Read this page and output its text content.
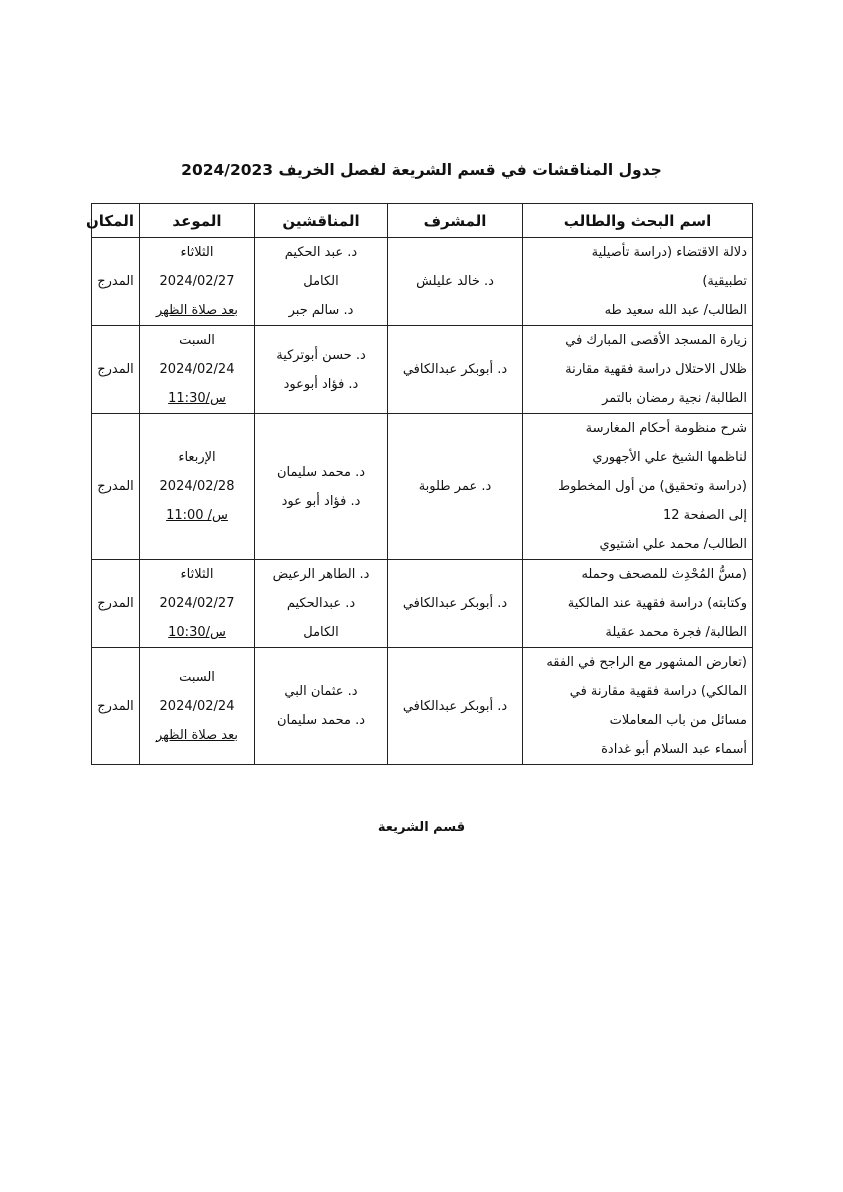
جدول المناقشات في قسم الشريعة لفصل الخريف 2024/2023
اسم البحث والطالب	المشرف	المناقشين	الموعد	المكان

دلالة الاقتضاء (دراسة تأصيلية
تطبيقية)
الطالب/ عبد الله سعيد طه	د. خالد عليلش	د. عبد الحكيم
الكامل
د. سالم جبر	الثلاثاء
2024/02/27
بعد صلاة الظهر	المدرج

زيارة المسجد الأقصى المبارك في
ظلال الاحتلال دراسة فقهية مقارنة
الطالبة/ نجية رمضان بالتمر	د. أبوبكر عبدالكافي	د. حسن أبوتركية
د. فؤاد أبوعود	السبت
2024/02/24
س/11:30	المدرج

شرح منظومة أحكام المغارسة
لناظمها الشيخ علي الأجهوري
(دراسة وتحقيق) من أول المخطوط
إلى الصفحة 12
الطالب/ محمد علي اشتيوي	د. عمر طلوبة	د. محمد سليمان
د. فؤاد أبو عود	الإربعاء
2024/02/28
س/ 11:00	المدرج

(مسُّ المُحْدِث للمصحف وحمله
وكتابته) دراسة فقهية عند المالكية
الطالبة/ فجرة محمد عقيلة	د. أبوبكر عبدالكافي	د. الطاهر الرعيض
د. عبدالحكيم
الكامل	الثلاثاء
2024/02/27
س/10:30	المدرج

(تعارض المشهور مع الراجح في الفقه
المالكي) دراسة فقهية مقارنة في
مسائل من باب المعاملات
أسماء عبد السلام أبو غدادة	د. أبوبكر عبدالكافي	د. عثمان البي
د. محمد سليمان	السبت
2024/02/24
بعد صلاة الظهر	المدرج
قسم الشريعة
